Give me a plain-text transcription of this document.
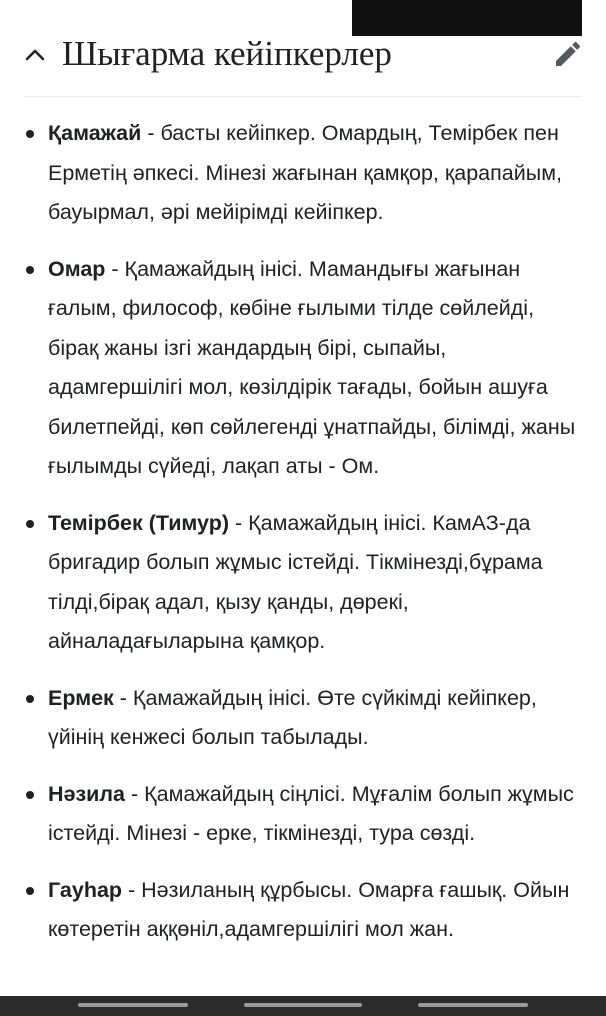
Шығарма кейіпкерлер
Қамажай - басты кейіпкер. Омардың, Темірбек пен Ерметің әпкесі. Мінезі жағынан қамқор, қарапайым, бауырмал, әрі мейірімді кейіпкер.
Омар - Қамажайдың інісі. Мамандығы жағынан ғалым, философ, көбіне ғылыми тілде сөйлейді, бірақ жаны ізгі жандардың бірі, сыпайы, адамгершілігі мол, көзілдірік тағады, бойын ашуға билетпейді, көп сөйлегенді ұнатпайды, білімді, жаны ғылымды сүйеді, лақап аты - Ом.
Темірбек (Тимур) - Қамажайдың інісі. КамАЗ-да бригадир болып жұмыс істейді. Тікмінезді,бұрама тілді,бірақ адал, қызу қанды, дөрекі, айналадағыларына қамқор.
Ермек - Қамажайдың інісі. Өте сүйкімді кейіпкер, үйінің кенжесі болып табылады.
Нәзила - Қамажайдың сіңлісі. Мұғалім болып жұмыс істейді. Мінезі - ерке, тікмінезді, тура сөзді.
Гауһар - Нәзиланың құрбысы. Омарға ғашық. Ойын көтеретін аққөніл,адамгершілігі мол жан.
